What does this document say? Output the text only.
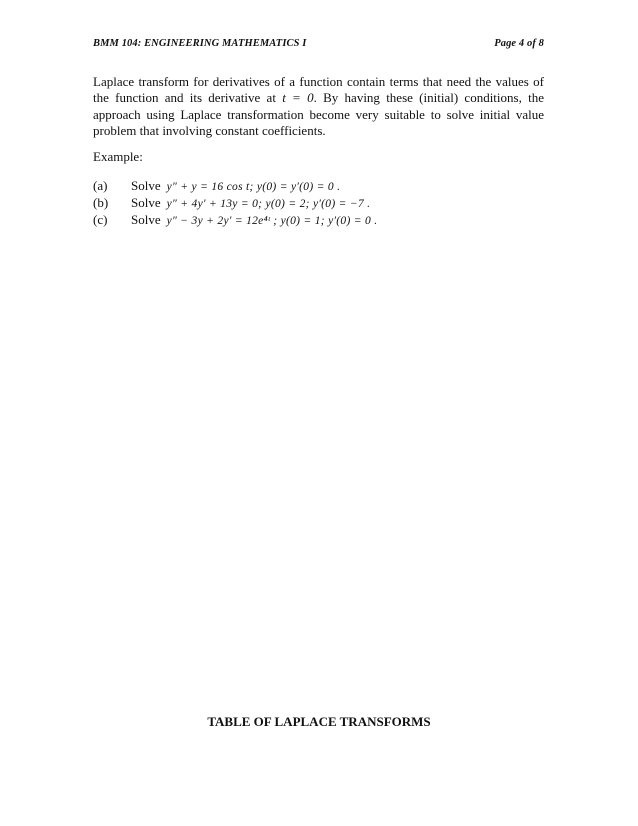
BMM 104: ENGINEERING MATHEMATICS I	Page 4 of 8
Laplace transform for derivatives of a function contain terms that need the values of the function and its derivative at t = 0. By having these (initial) conditions, the approach using Laplace transformation become very suitable to solve initial value problem that involving constant coefficients.
Example:
(a)	Solve y″ + y = 16 cos t; y(0) = y′(0) = 0 .
(b)	Solve y″ + 4y′ + 13y = 0; y(0) = 2; y′(0) = −7 .
(c)	Solve y″ − 3y + 2y′ = 12e⁴ᵗ ; y(0) = 1; y′(0) = 0 .
TABLE OF LAPLACE TRANSFORMS
